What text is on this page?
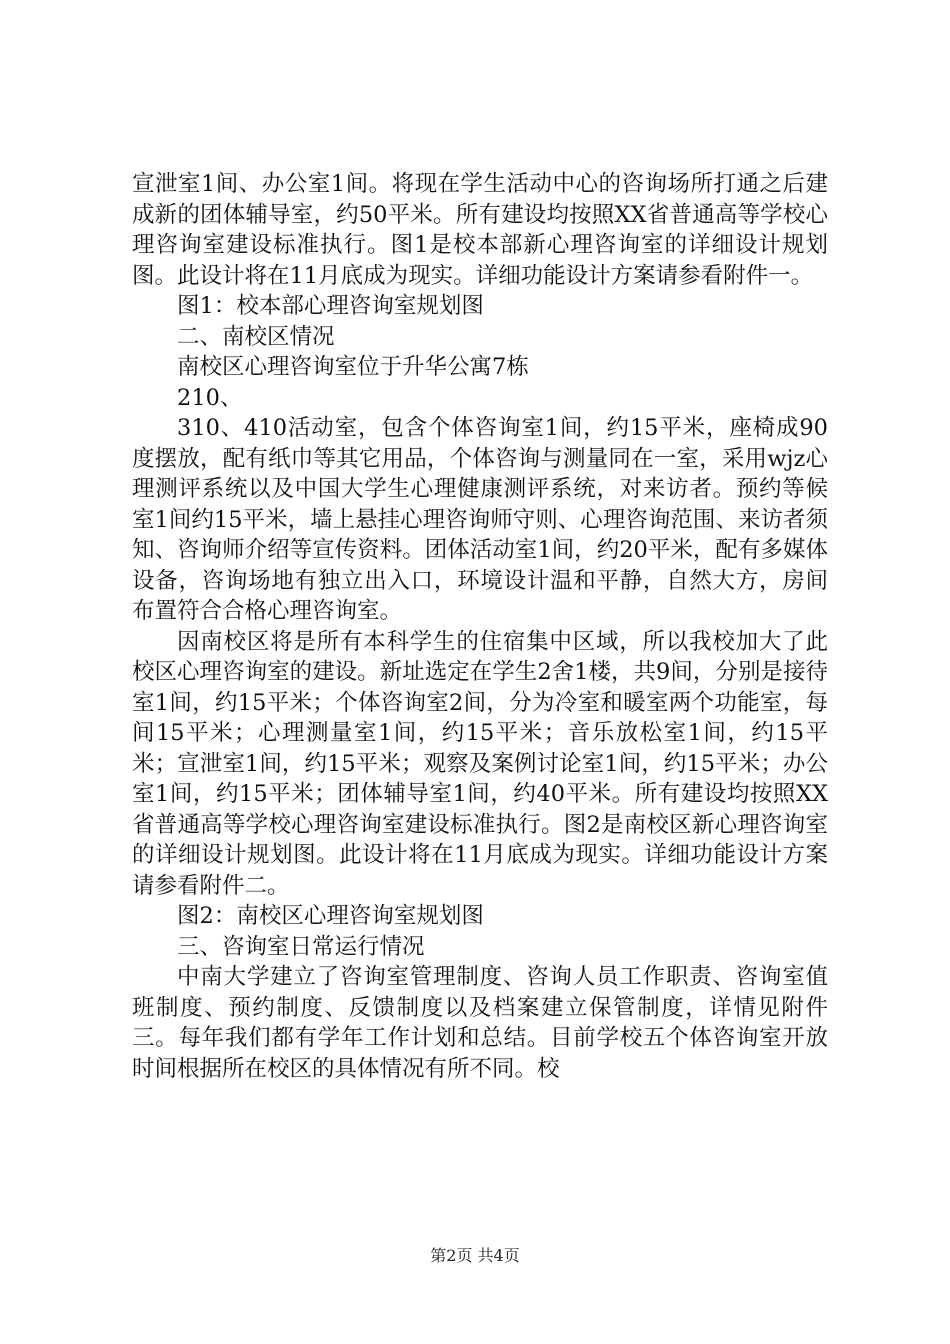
宣泄室1间、办公室1间。将现在学生活动中心的咨询场所打通之后建成新的团体辅导室，约50平米。所有建设均按照XX省普通高等学校心理咨询室建设标准执行。图1是校本部新心理咨询室的详细设计规划图。此设计将在11月底成为现实。详细功能设计方案请参看附件一。

图1：校本部心理咨询室规划图

二、南校区情况

南校区心理咨询室位于升华公寓7栋

210、

310、410活动室，包含个体咨询室1间，约15平米，座椅成90度摆放，配有纸巾等其它用品，个体咨询与测量同在一室，采用wjz心理测评系统以及中国大学生心理健康测评系统，对来访者。预约等候室1间约15平米，墙上悬挂心理咨询师守则、心理咨询范围、来访者须知、咨询师介绍等宣传资料。团体活动室1间，约20平米，配有多媒体设备，咨询场地有独立出入口，环境设计温和平静，自然大方，房间布置符合合格心理咨询室。

因南校区将是所有本科学生的住宿集中区域，所以我校加大了此校区心理咨询室的建设。新址选定在学生2舍1楼，共9间，分别是接待室1间，约15平米；个体咨询室2间，分为冷室和暖室两个功能室，每间15平米；心理测量室1间，约15平米；音乐放松室1间，约15平米；宣泄室1间，约15平米；观察及案例讨论室1间，约15平米；办公室1间，约15平米；团体辅导室1间，约40平米。所有建设均按照XX省普通高等学校心理咨询室建设标准执行。图2是南校区新心理咨询室的详细设计规划图。此设计将在11月底成为现实。详细功能设计方案请参看附件二。

图2：南校区心理咨询室规划图

三、咨询室日常运行情况

中南大学建立了咨询室管理制度、咨询人员工作职责、咨询室值班制度、预约制度、反馈制度以及档案建立保管制度，详情见附件三。每年我们都有学年工作计划和总结。目前学校五个体咨询室开放时间根据所在校区的具体情况有所不同。校

第2页 共4页
